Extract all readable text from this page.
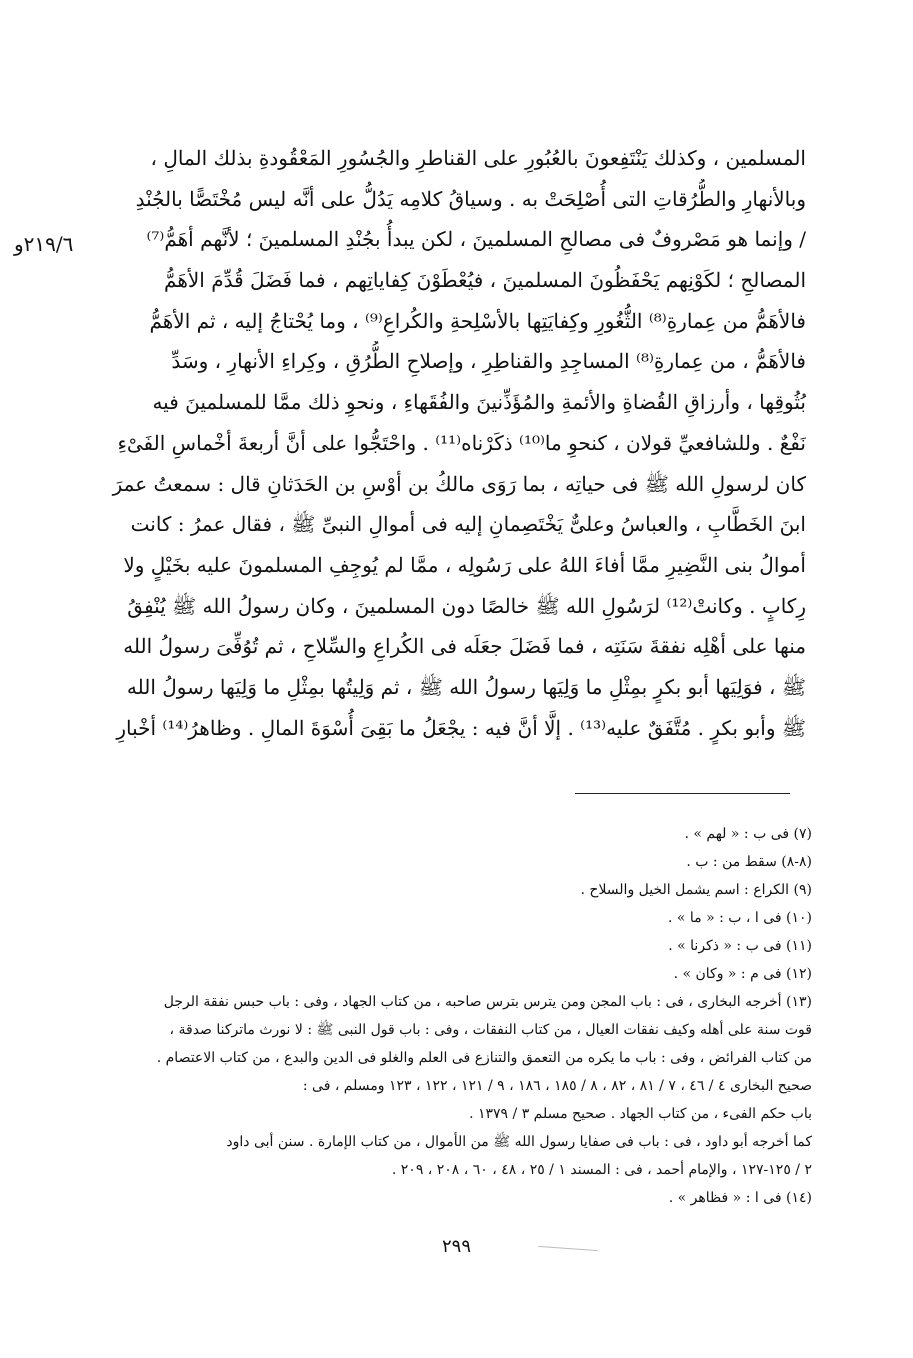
٢١٩/٦و
المسلمين ، وكذلك يَنْتَفِعونَ بالعُبُورِ على القناطرِ والجُسُورِ المَعْقُودةِ بذلك المالِ ،
وبالأنهارِ والطُّرُقاتِ التى أُصْلِحَتْ به . وسياقُ كلامِه يَدُلُّ على أنَّه ليس مُخْتَصًّا بالجُنْدِ
/ وإنما هو مَصْروفٌ فى مصالحِ المسلمينَ ، لكن يبدأُ بجُنْدِ المسلمينَ ؛ لأنَّهم أهَمُّ⁽⁷⁾
المصالحِ ؛ لكَوْنِهم يَحْفَظُونَ المسلمينَ ، فيُعْطَوْنَ كِفاياتِهم ، فما فَضَلَ قُدِّمَ الأهَمُّ
فالأهَمُّ من عِمارةِ⁽⁸⁾ الثُّغُورِ وكِفايَتِها بالأسْلِحةِ والكُراعِ⁽⁹⁾ ، وما يُحْتاجُ إليه ، ثم الأهَمُّ
فالأهَمُّ ، من عِمارةِ⁽⁸⁾ المساجِدِ والقناطِرِ ، وإصلاحِ الطُّرُقِ ، وكِراءِ الأنهارِ ، وسَدِّ
بُثُوقِها ، وأرزاقِ القُضاةِ والأئمةِ والمُؤَذِّنينَ والفُقَهاءِ ، ونحوِ ذلك ممَّا للمسلمينَ فيه
نَفْعٌ . وللشافعيِّ قولان ، كنحوِ ما⁽¹⁰⁾ ذكَرْناه⁽¹¹⁾ . واحْتَجُّوا على أنَّ أربعةَ أخْماسِ الفَىْءِ
كان لرسولِ الله ﷺ فى حياتِه ، بما رَوَى مالكُ بن أوْسِ بن الحَدَثانِ قال : سمعتُ عمرَ
ابنَ الخَطَّابِ ، والعباسُ وعلىٌّ يَخْتَصِمانِ إليه فى أموالِ النبىِّ ﷺ ، فقال عمرُ : كانت
أموالُ بنى النَّضِيرِ ممَّا أفاءَ اللهُ على رَسُولِه ، ممَّا لم يُوجِفِ المسلمونَ عليه بخَيْلٍ ولا
رِكابٍ . وكانتْ⁽¹²⁾ لرَسُولِ الله ﷺ خالصًا دون المسلمينَ ، وكان رسولُ الله ﷺ يُنْفِقُ
منها على أهْلِه نفقةَ سَنَتِه ، فما فَضَلَ جعَلَه فى الكُراعِ والسِّلاحِ ، ثم تُوُفِّىَ رسولُ الله
ﷺ ، فوَلِيَها أبو بكرٍ بمِثْلِ ما وَلِيَها رسولُ الله ﷺ ، ثم وَلِيتُها بمِثْلِ ما وَلِيَها رسولُ الله
ﷺ وأبو بكرٍ . مُتَّفَقٌ عليه⁽¹³⁾ . إلَّا أنَّ فيه : يجْعَلُ ما بَقِىَ أُسْوَةَ المالِ . وظاهرُ⁽¹⁴⁾ أخْبارِ
(٧) فى ب : « لهم » .
(٨-٨) سقط من : ب .
(٩) الكراع : اسم يشمل الخيل والسلاح .
(١٠) فى ا ، ب : « ما » .
(١١) فى ب : « ذكرنا » .
(١٢) فى م : « وكان » .
(١٣) أخرجه البخارى ، فى : باب المجن ومن يترس بترس صاحبه ، من كتاب الجهاد ، وفى : باب حبس نفقة الرجل
قوت سنة على أهله وكيف نفقات العيال ، من كتاب النفقات ، وفى : باب قول النبى ﷺ : لا نورث ماتركنا صدقة ،
من كتاب الفرائض ، وفى : باب ما يكره من التعمق والتنازع فى العلم والغلو فى الدين والبدع ، من كتاب الاعتصام .
صحيح البخارى ٤ / ٤٦ ، ٧ / ٨١ ، ٨٢ ، ٨ / ١٨٥ ، ١٨٦ ، ٩ / ١٢١ ، ١٢٢ ، ١٢٣ ومسلم ، فى :
باب حكم الفىء ، من كتاب الجهاد . صحيح مسلم ٣ / ١٣٧٩ .
كما أخرجه أبو داود ، فى : باب فى صفايا رسول الله ﷺ من الأموال ، من كتاب الإمارة . سنن أبى داود
٢ / ١٢٥-١٢٧ ، والإمام أحمد ، فى : المسند ١ / ٢٥ ، ٤٨ ، ٦٠ ، ٢٠٨ ، ٢٠٩ .
(١٤) فى ا : « فظاهر » .
٢٩٩
